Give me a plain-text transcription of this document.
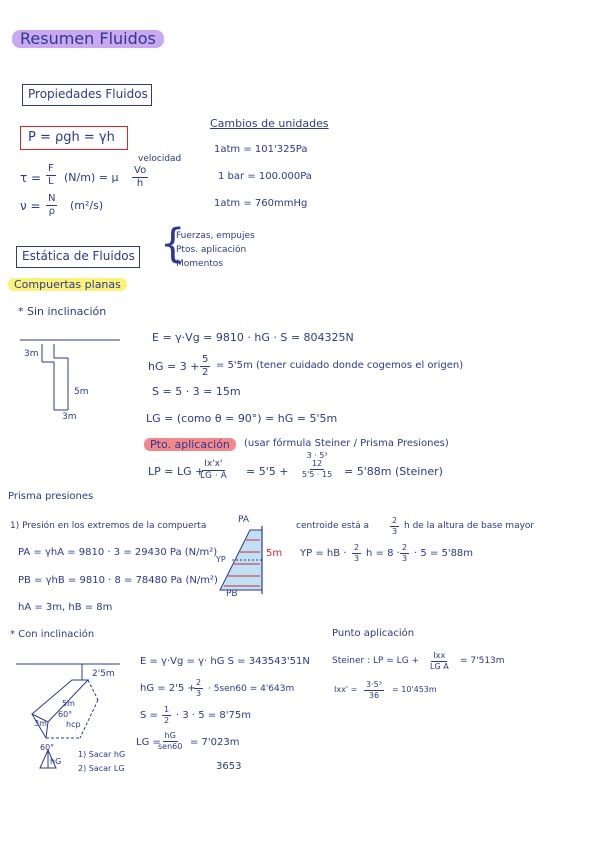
Resumen Fluidos
Propiedades Fluidos
P = ρgh = γh
velocidad
$\tau = \frac{F}{L} (N/m) = \mu \frac{Vo}{h}$
$\nu = \frac{N}{\rho} (m^2/s)$
Cambios de unidades
1atm = 101'325Pa
1 bar = 100.000Pa
1atm = 760mmHg
Estática de Fluidos {
Fuerzas, empujes
Ptos. aplicación
Momentos
Compuertas planas
* Sin inclinación
3m
5m
3m
E = γ·Vg = 9810 · hG · S = 804325N
hG = $3 + \frac{5}{2} = 5'5m$ (tener cuidado donde cogemos el origen)
S = 5 · 3 = 15m
LG = (como θ = 90°) = hG = 5'5m
Pto. aplicación	(usar fórmula Steiner / Prisma Presiones)
LP = LG +
$\frac{Ix'x'}{LG \cdot A} = 5'5$ +
3 · 5³
12
5'5 · 15 = 5'88m (Steiner)
Prisma presiones
1) Presión en los extremos de la compuerta
PA = γhA = 9810 · 3 = 29430 Pa (N/m²)
PB = γhB = 9810 · 8 = 78480 Pa (N/m²)
hA = 3m, hB = 8m
PA
YP
5m
PB
centroide está a	$\frac{2}{3}$ h de la altura de base mayor
YP = hB · $\frac{2}{3}$ $h = 8 \cdot \frac{2}{3} \cdot 5 = 5'88m$
* Con inclinación
2'5m
5m
60°
hcp
3m
60°
hG
1) Sacar hG
2) Sacar LG
E = γ·Vg = γ· hG S = 343543'51N
hG = 2'5 +
$\frac{2}{3} \cdot 5sen60 = 4'643m$
$S = \frac{1}{2} \cdot 3 \cdot 5 = 8'75m$
LG =
hG
sen60 = 7'023m
3653
Punto aplicación
Steiner : LP = LG +
Ixx
LG A
= 7'513m
$Ixx' = \frac{\text{3·5³}}{36} = 10'453m$
